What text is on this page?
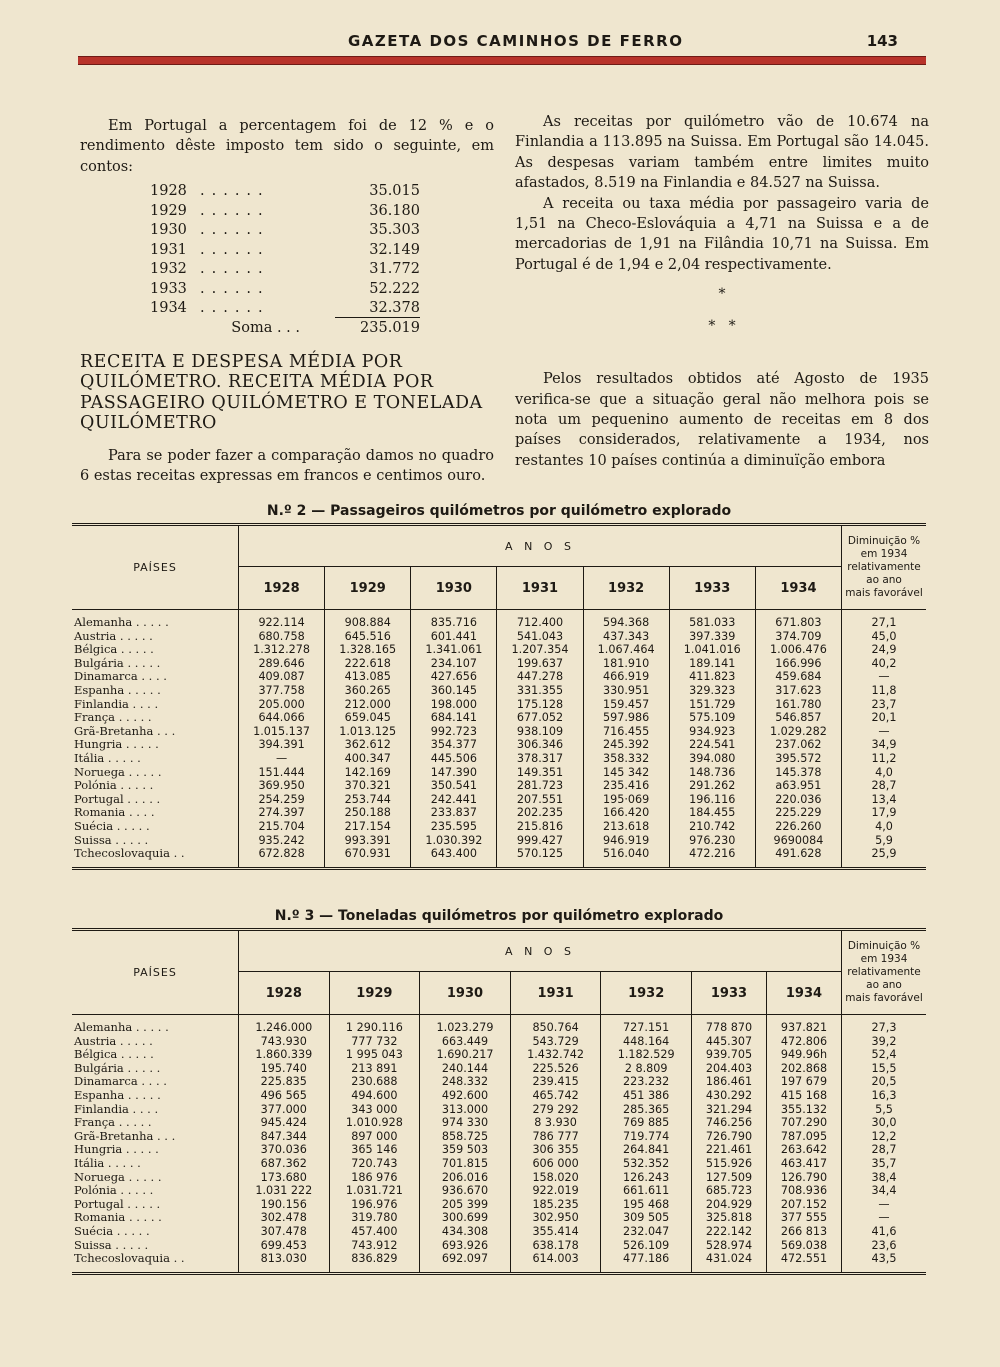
GAZETA DOS CAMINHOS DE FERRO	143

Em Portugal a percentagem foi de 12 % e o rendimento dêste imposto tem sido o seguinte, em contos:

1928 ......	35.015
1929 ......	36.180
1930 ......	35.303
1931 ......	32.149
1932 ......	31.772
1933 ......	52.222
1934 ......	32.378
Soma . . .	235.019

RECEITA E DESPESA MÉDIA POR QUILÓMETRO. RECEITA MÉDIA POR PASSAGEIRO QUILÓMETRO E TONELADA QUILÓMETRO

Para se poder fazer a comparação damos no quadro 6 estas receitas expressas em francos e centimos ouro.

As receitas por quilómetro vão de 10.674 na Finlandia a 113.895 na Suissa. Em Portugal são 14.045. As despesas variam também entre limites muito afastados, 8.519 na Finlandia e 84.527 na Suissa.

A receita ou taxa média por passageiro varia de 1,51 na Checo-Eslováquia a 4,71 na Suissa e a de mercadorias de 1,91 na Filândia 10,71 na Suissa. Em Portugal é de 1,94 e 2,04 respectivamente.

*
*   *

Pelos resultados obtidos até Agosto de 1935 verifica-se que a situação geral não melhora pois se nota um pequenino aumento de receitas em 8 dos países considerados, relativamente a 1934, nos restantes 10 países continúa a diminuïção embora

N.º 2 — Passageiros quilómetros por quilómetro explorado
PAÍSES	A N O S							Diminuição %
em 1934
relativamente
ao ano
mais favorável

	1928	1929	1930	1931	1932	1933	1934	
Alemanha . . . . .	922.114	908.884	835.716	712.400	594.368	581.033	671.803	27,1
Austria . . . . .	680.758	645.516	601.441	541.043	437.343	397.339	374.709	45,0
Bélgica . . . . .	1.312.278	1.328.165	1.341.061	1.207.354	1.067.464	1.041.016	1.006.476	24,9
Bulgária . . . . .	289.646	222.618	234.107	199.637	181.910	189.141	166.996	40,2
Dinamarca . . . .	409.087	413.085	427.656	447.278	466.919	411.823	459.684	—
Espanha . . . . .	377.758	360.265	360.145	331.355	330.951	329.323	317.623	11,8
Finlandia . . . .	205.000	212.000	198.000	175.128	159.457	151.729	161.780	23,7
França . . . . .	644.066	659.045	684.141	677.052	597.986	575.109	546.857	20,1
Grã-Bretanha . . .	1.015.137	1.013.125	992.723	938.109	716.455	934.923	1.029.282	—
Hungria . . . . .	394.391	362.612	354.377	306.346	245.392	224.541	237.062	34,9
Itália . . . . .	—	400.347	445.506	378.317	358.332	394.080	395.572	11,2
Noruega . . . . .	151.444	142.169	147.390	149.351	145 342	148.736	145.378	4,0
Polónia . . . . .	369.950	370.321	350.541	281.723	235.416	291.262	a63.951	28,7
Portugal . . . . .	254.259	253.744	242.441	207.551	195·069	196.116	220.036	13,4
Romania . . . .	274.397	250.188	233.837	202.235	166.420	184.455	225.229	17,9
Suécia . . . . .	215.704	217.154	235.595	215.816	213.618	210.742	226.260	4,0
Suissa . . . . .	935.242	993.391	1.030.392	999.427	946.919	976.230	9690084	5,9
Tchecoslovaquia . .	672.828	670.931	643.400	570.125	516.040	472.216	491.628	25,9
N.º 3 — Toneladas quilómetros por quilómetro explorado
PAÍSES	A N O S							Diminuição %
em 1934
relativamente
ao ano
mais favorável

	1928	1929	1930	1931	1932	1933	1934	
Alemanha . . . . .	1.246.000	1 290.116	1.023.279	850.764	727.151	778 870	937.821	27,3
Austria . . . . .	743.930	777 732	663.449	543.729	448.164	445.307	472.806	39,2
Bélgica . . . . .	1.860.339	1 995 043	1.690.217	1.432.742	1.182.529	939.705	949.96h	52,4
Bulgária . . . . .	195.740	213 891	240.144	225.526	2 8.809	204.403	202.868	15,5
Dinamarca . . . .	225.835	230.688	248.332	239.415	223.232	186.461	197 679	20,5
Espanha . . . . .	496 565	494.600	492.600	465.742	451 386	430.292	415 168	16,3
Finlandia . . . .	377.000	343 000	313.000	279 292	285.365	321.294	355.132	5,5
França . . . . .	945.424	1.010.928	974 330	8 3.930	769 885	746.256	707.290	30,0
Grã-Bretanha . . .	847.344	897 000	858.725	786 777	719.774	726.790	787.095	12,2
Hungria . . . . .	370.036	365 146	359 503	306 355	264.841	221.461	263.642	28,7
Itália . . . . .	687.362	720.743	701.815	606 000	532.352	515.926	463.417	35,7
Noruega . . . . .	173.680	186 976	206.016	158.020	126.243	127.509	126.790	38,4
Polónia . . . . .	1.031 222	1.031.721	936.670	922.019	661.611	685.723	708.936	34,4
Portugal . . . . .	190.156	196.976	205 399	185.235	195 468	204.929	207.152	—
Romania . . . . .	302.478	319.780	300.699	302.950	309 505	325.818	377 555	—
Suécia . . . . .	307.478	457.400	434.308	355.414	232.047	222.142	266 813	41,6
Suissa . . . . .	699.453	743.912	693.926	638.178	526.109	528.974	569.038	23,6
Tchecoslovaquia . .	813.030	836.829	692.097	614.003	477.186	431.024	472.551	43,5
